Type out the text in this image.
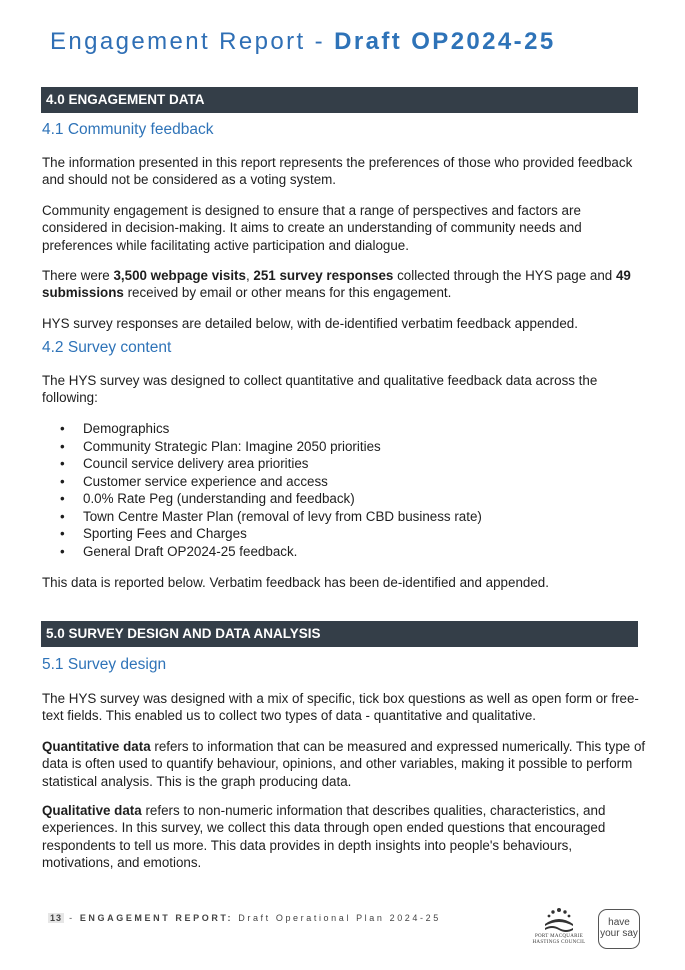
Engagement Report - Draft OP2024-25
4.0 ENGAGEMENT DATA
4.1 Community feedback
The information presented in this report represents the preferences of those who provided feedback and should not be considered as a voting system.
Community engagement is designed to ensure that a range of perspectives and factors are considered in decision-making. It aims to create an understanding of community needs and preferences while facilitating active participation and dialogue.
There were 3,500 webpage visits, 251 survey responses collected through the HYS page and 49 submissions received by email or other means for this engagement.
HYS survey responses are detailed below, with de-identified verbatim feedback appended.
4.2 Survey content
The HYS survey was designed to collect quantitative and qualitative feedback data across the following:
• Demographics
• Community Strategic Plan: Imagine 2050 priorities
• Council service delivery area priorities
• Customer service experience and access
• 0.0% Rate Peg (understanding and feedback)
• Town Centre Master Plan (removal of levy from CBD business rate)
• Sporting Fees and Charges
• General Draft OP2024-25 feedback.
This data is reported below. Verbatim feedback has been de-identified and appended.
5.0 SURVEY DESIGN AND DATA ANALYSIS
5.1 Survey design
The HYS survey was designed with a mix of specific, tick box questions as well as open form or free-text fields. This enabled us to collect two types of data - quantitative and qualitative.
Quantitative data refers to information that can be measured and expressed numerically. This type of data is often used to quantify behaviour, opinions, and other variables, making it possible to perform statistical analysis. This is the graph producing data.
Qualitative data refers to non-numeric information that describes qualities, characteristics, and experiences. In this survey, we collect this data through open ended questions that encouraged respondents to tell us more. This data provides in depth insights into people's behaviours, motivations, and emotions.
13 - ENGAGEMENT REPORT: Draft Operational Plan 2024-25
PORT MACQUARIE
HASTINGS COUNCIL
have
your say
